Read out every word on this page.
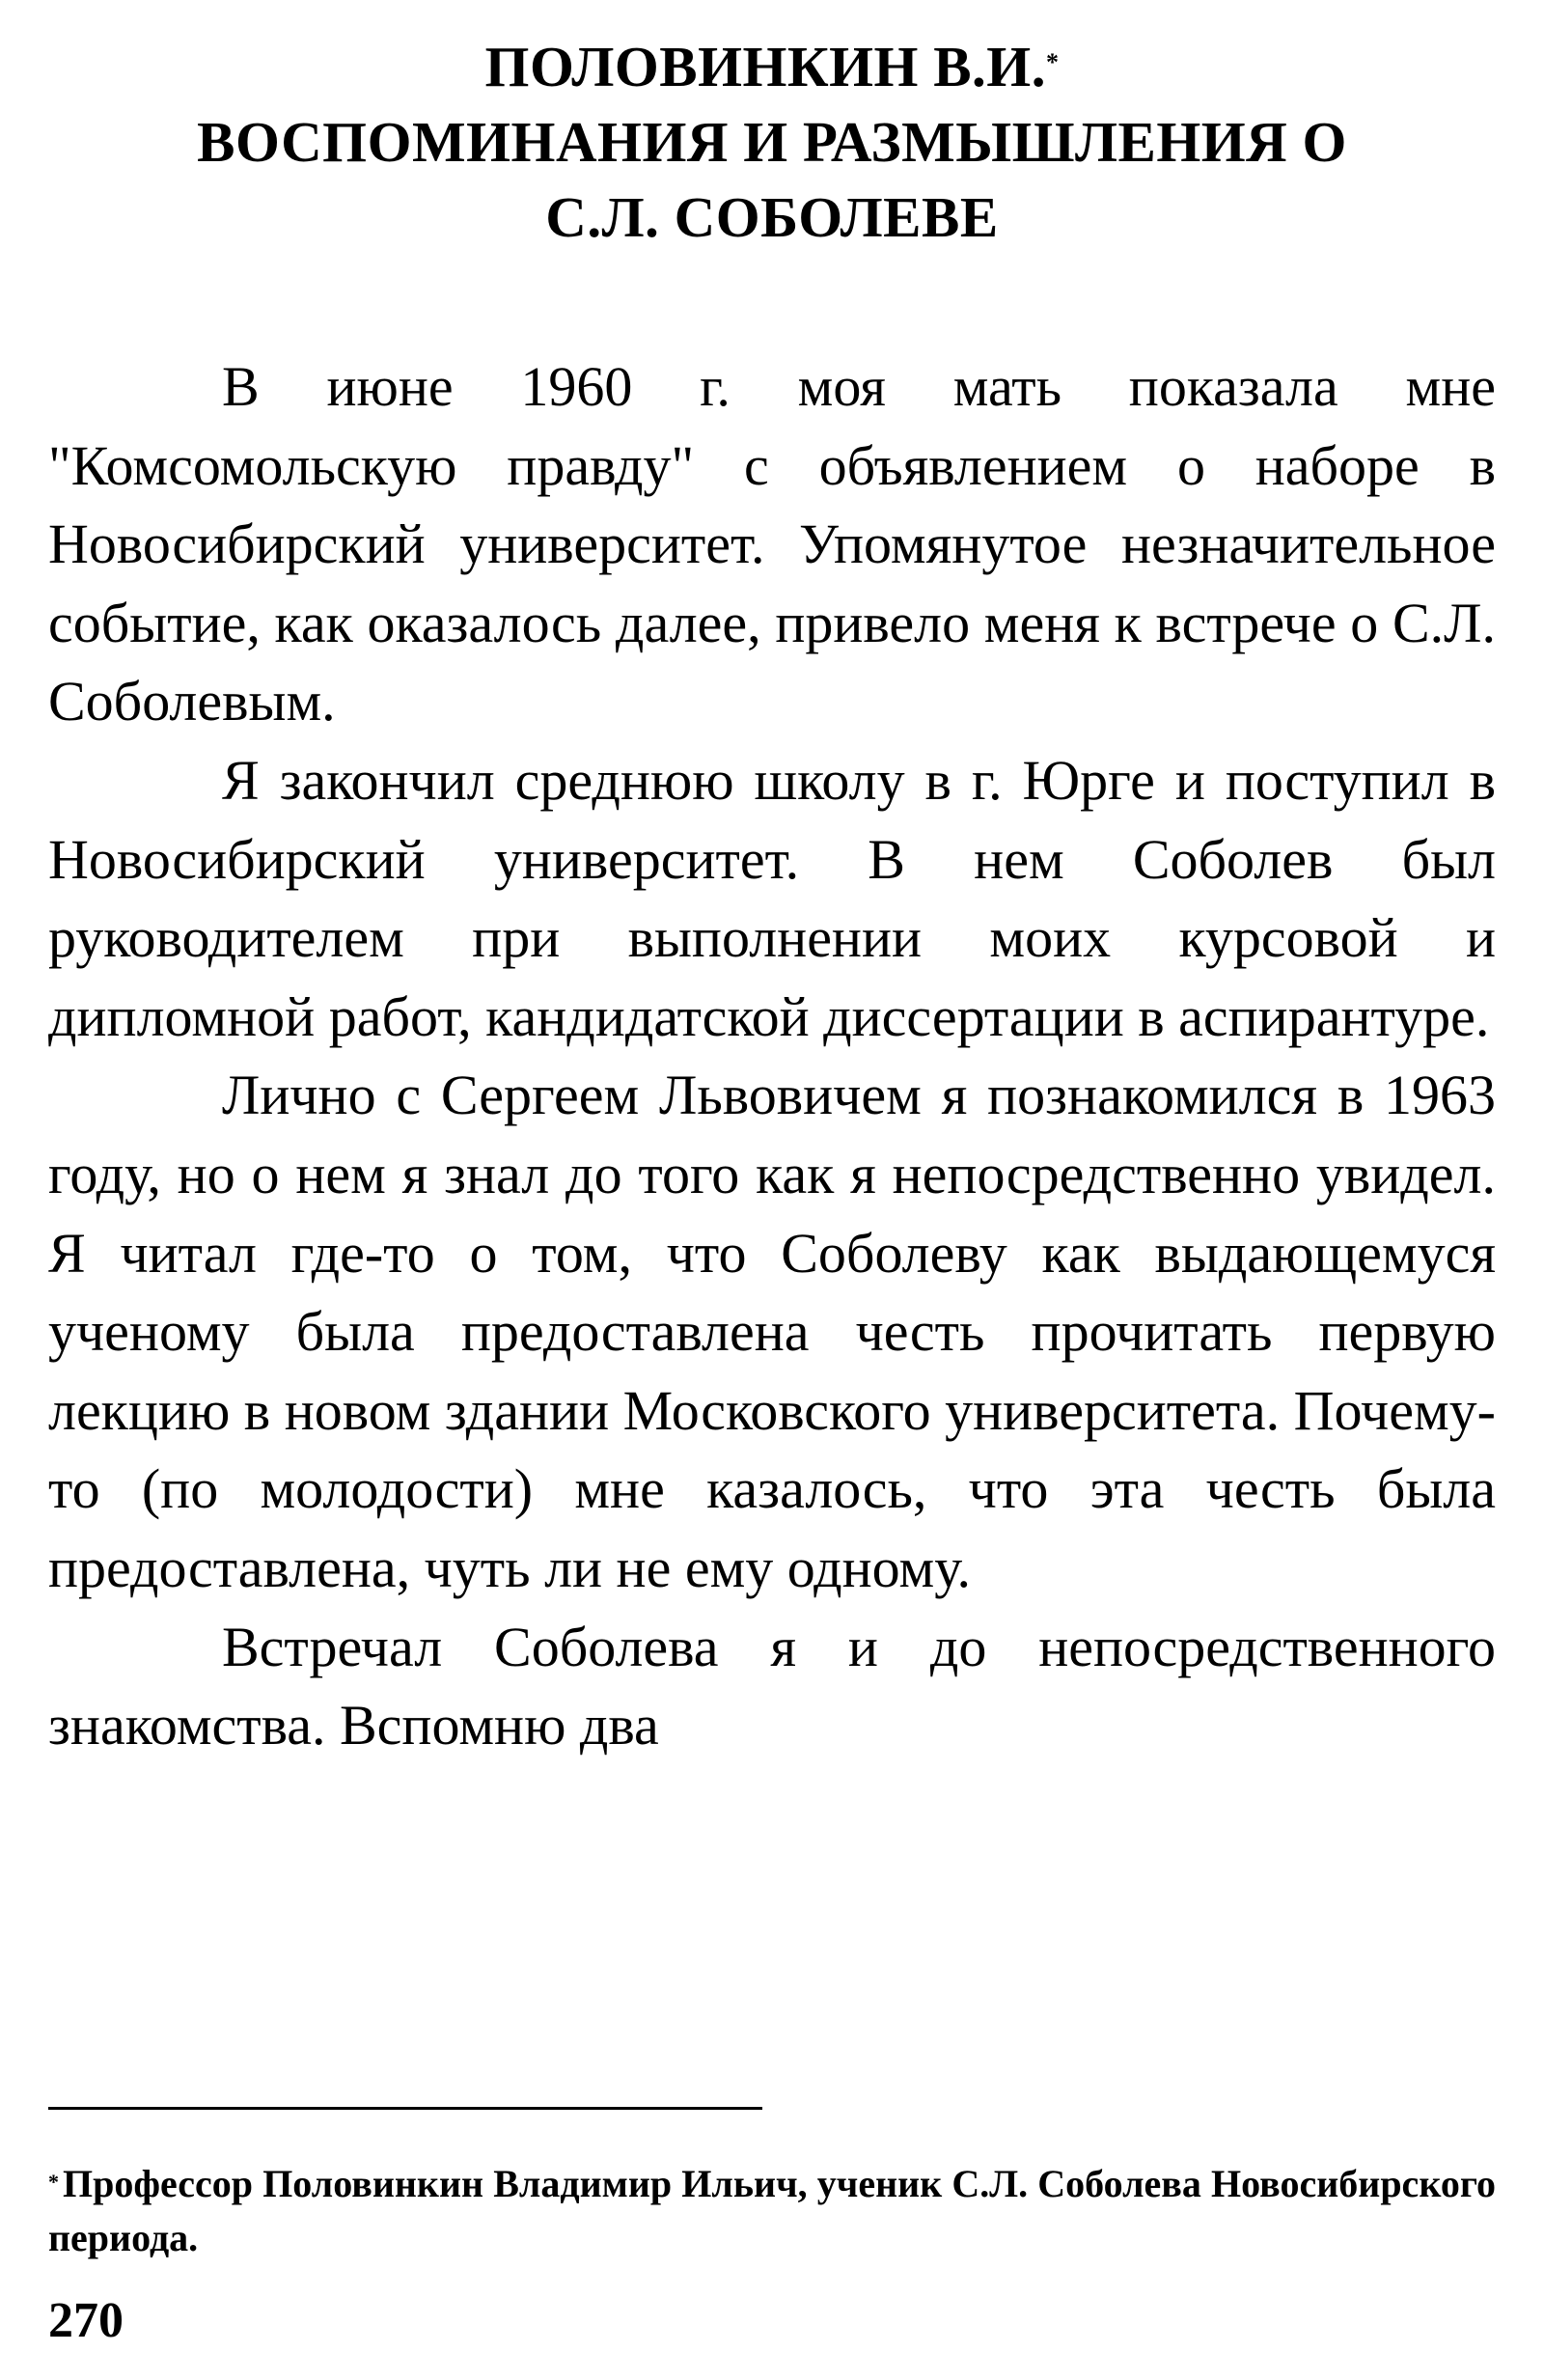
ПОЛОВИНКИН В.И.*
ВОСПОМИНАНИЯ И РАЗМЫШЛЕНИЯ О
С.Л. СОБОЛЕВЕ

В июне 1960 г. моя мать показала мне "Комсомольскую правду" с объявлением о наборе в Новосибирский университет. Упомянутое незначительное событие, как оказалось далее, привело меня к встрече о С.Л. Соболевым.

Я закончил среднюю школу в г. Юрге и поступил в Новосибирский университет. В нем Соболев был руководителем при выполнении моих курсовой и дипломной работ, кандидатской диссертации в аспирантуре.

Лично с Сергеем Львовичем я познакомился в 1963 году, но о нем я знал до того как я непосредственно увидел. Я читал где-то о том, что Соболеву как выдающемуся ученому была предоставлена честь прочитать первую лекцию в новом здании Московского университета. Почему-то (по молодости) мне казалось, что эта честь была предоставлена, чуть ли не ему одному.

Встречал Соболева я и до непосредственного знакомства. Вспомню два

* Профессор Половинкин Владимир Ильич, ученик С.Л. Соболева Новосибирского периода.
270
